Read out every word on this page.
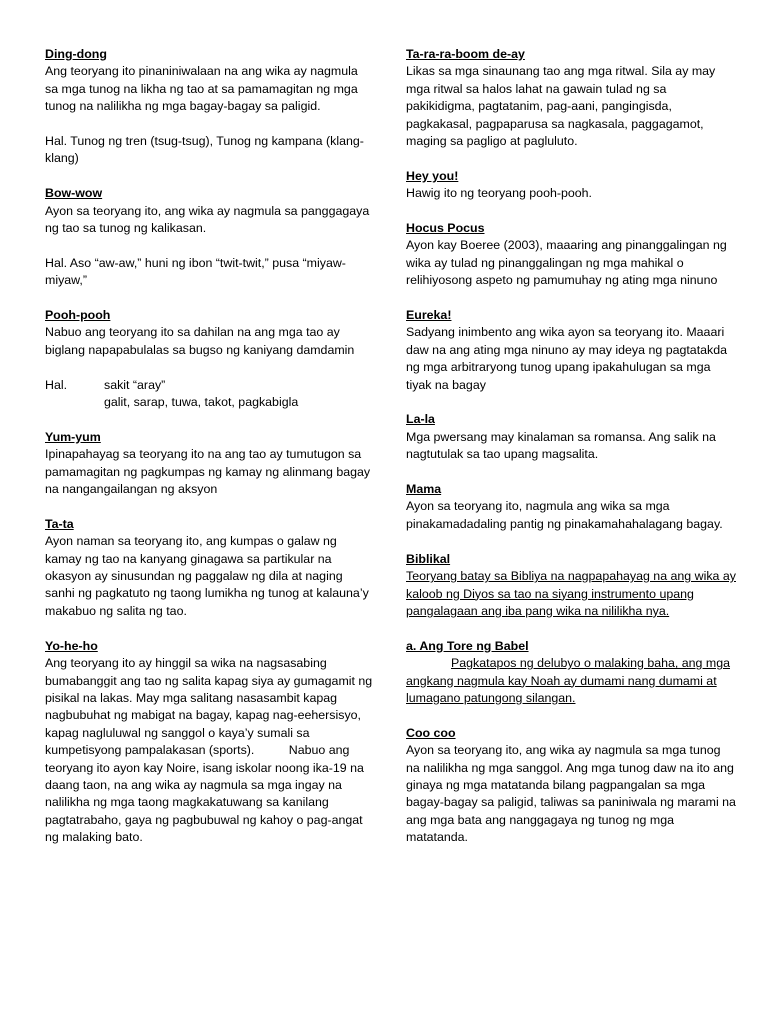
Ding-dong
Ang teoryang ito pinaniniwalaan na ang wika ay nagmula sa mga tunog na likha ng tao at sa pamamagitan ng mga tunog na nalilikha ng mga bagay-bagay sa paligid.
Hal. Tunog ng tren (tsug-tsug), Tunog ng kampana (klang-klang)
Bow-wow
Ayon sa teoryang ito, ang wika ay nagmula sa panggagaya ng tao sa tunog ng kalikasan.
Hal. Aso “aw-aw,” huni ng ibon “twit-twit,” pusa “miyaw-miyaw,”
Pooh-pooh
Nabuo ang teoryang ito sa dahilan na ang mga tao ay biglang napapabulalas sa bugso ng kaniyang damdamin
Hal.	sakit “aray”
galit, sarap, tuwa, takot, pagkabigla
Yum-yum
Ipinapahayag sa teoryang ito na ang tao ay tumutugon sa pamamagitan ng pagkumpas ng kamay ng alinmang bagay na nangangailangan ng aksyon
Ta-ta
Ayon naman sa teoryang ito, ang kumpas o galaw ng kamay ng tao na kanyang ginagawa sa partikular na okasyon ay sinusundan ng paggalaw ng dila at naging sanhi ng pagkatuto ng taong lumikha ng tunog at kalauna’y makabuo ng salita ng tao.
Yo-he-ho
Ang teoryang ito ay hinggil sa wika na nagsasabing bumabanggit ang tao ng salita kapag siya ay gumagamit ng pisikal na lakas. May mga salitang nasasambit kapag nagbubuhat ng mabigat na bagay, kapag nag-eehersisyo, kapag nagluluwal ng sanggol o kaya’y sumali sa kumpetisyong pampalakasan (sports).          Nabuo ang teoryang ito ayon kay Noire, isang iskolar noong ika-19 na daang taon, na ang wika ay nagmula sa mga ingay na nalilikha ng mga taong magkakatuwang sa kanilang pagtatrabaho, gaya ng pagbubuwal ng kahoy o pag-angat ng malaking bato.
Ta-ra-ra-boom de-ay
Likas sa mga sinaunang tao ang mga ritwal. Sila ay may mga ritwal sa halos lahat na gawain tulad ng sa pakikidigma, pagtatanim, pag-aani, pangingisda, pagkakasal, pagpaparusa sa nagkasala, paggagamot, maging sa pagligo at pagluluto.
Hey you!
Hawig ito ng teoryang pooh-pooh.
Hocus Pocus
Ayon kay Boeree (2003), maaaring ang pinanggalingan ng wika ay tulad ng pinanggalingan ng mga mahikal o relihiyosong aspeto ng pamumuhay ng ating mga ninuno
Eureka!
Sadyang inimbento ang wika ayon sa teoryang ito. Maaari daw na ang ating mga ninuno ay may ideya ng pagtatakda ng mga arbitraryong tunog upang ipakahulugan sa mga tiyak na bagay
La-la
Mga pwersang may kinalaman sa romansa. Ang salik na nagtutulak sa tao upang magsalita.
Mama
Ayon sa teoryang ito, nagmula ang wika sa mga pinakamadadaling pantig ng pinakamahahalagang bagay.
Biblikal
Teoryang batay sa Bibliya na nagpapahayag na ang wika ay kaloob ng Diyos sa tao na siyang instrumento upang pangalagaan ang iba pang wika na nililikha nya.
a. Ang Tore ng Babel
Pagkatapos ng delubyo o malaking baha, ang mga angkang nagmula kay Noah ay dumami nang dumami at lumagano patungong silangan.
Coo coo
Ayon sa teoryang ito, ang wika ay nagmula sa mga tunog na nalilikha ng mga sanggol. Ang mga tunog daw na ito ang ginaya ng mga matatanda bilang pagpangalan sa mga bagay-bagay sa paligid, taliwas sa paniniwala ng marami na ang mga bata ang nanggagaya ng tunog ng mga matatanda.
